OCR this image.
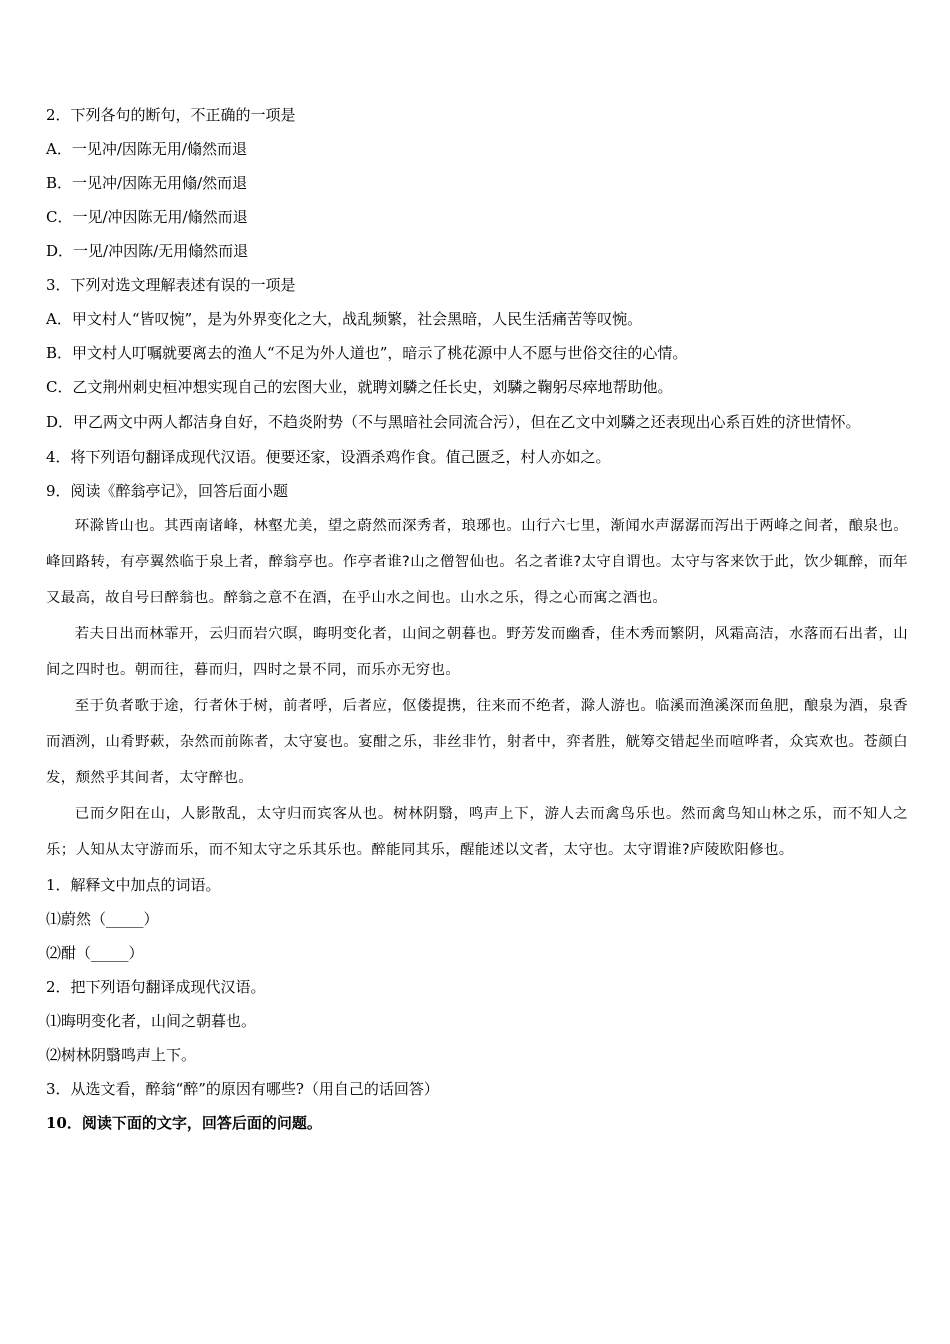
2．下列各句的断句，不正确的一项是
A．一见冲/因陈无用/翛然而退
B．一见冲/因陈无用翛/然而退
C．一见/冲因陈无用/翛然而退
D．一见/冲因陈/无用翛然而退
3．下列对选文理解表述有误的一项是
A．甲文村人“皆叹惋”，是为外界变化之大，战乱频繁，社会黑暗，人民生活痛苦等叹惋。
B．甲文村人叮嘱就要离去的渔人“不足为外人道也”，暗示了桃花源中人不愿与世俗交往的心情。
C．乙文荆州刺史桓冲想实现自己的宏图大业，就聘刘驎之任长史，刘驎之鞠躬尽瘁地帮助他。
D．甲乙两文中两人都洁身自好，不趋炎附势（不与黑暗社会同流合污），但在乙文中刘驎之还表现出心系百姓的济世情怀。
4．将下列语句翻译成现代汉语。便要还家，设酒杀鸡作食。值己匮乏，村人亦如之。
9．阅读《醉翁亭记》，回答后面小题

环滁皆山也。其西南诸峰，林壑尤美，望之蔚然而深秀者，琅琊也。山行六七里，渐闻水声潺潺而泻出于两峰之间者，酿泉也。峰回路转，有亭翼然临于泉上者，醉翁亭也。作亭者谁?山之僧智仙也。名之者谁?太守自谓也。太守与客来饮于此，饮少辄醉，而年又最高，故自号曰醉翁也。醉翁之意不在酒，在乎山水之间也。山水之乐，得之心而寓之酒也。

若夫日出而林霏开，云归而岩穴暝，晦明变化者，山间之朝暮也。野芳发而幽香，佳木秀而繁阴，风霜高洁，水落而石出者，山间之四时也。朝而往，暮而归，四时之景不同，而乐亦无穷也。

至于负者歌于途，行者休于树，前者呼，后者应，伛偻提携，往来而不绝者，滁人游也。临溪而渔溪深而鱼肥，酿泉为酒，泉香而酒洌，山肴野蔌，杂然而前陈者，太守宴也。宴酣之乐，非丝非竹，射者中，弈者胜，觥筹交错起坐而喧哗者，众宾欢也。苍颜白发，颓然乎其间者，太守醉也。

已而夕阳在山，人影散乱，太守归而宾客从也。树林阴翳，鸣声上下，游人去而禽鸟乐也。然而禽鸟知山林之乐，而不知人之乐；人知从太守游而乐，而不知太守之乐其乐也。醉能同其乐，醒能述以文者，太守也。太守谓谁?庐陵欧阳修也。

1．解释文中加点的词语。
⑴蔚然（_____）
⑵酣（_____）
2．把下列语句翻译成现代汉语。
⑴晦明变化者，山间之朝暮也。
⑵树林阴翳鸣声上下。
3．从选文看，醉翁“醉”的原因有哪些?（用自己的话回答）
10．阅读下面的文字，回答后面的问题。
